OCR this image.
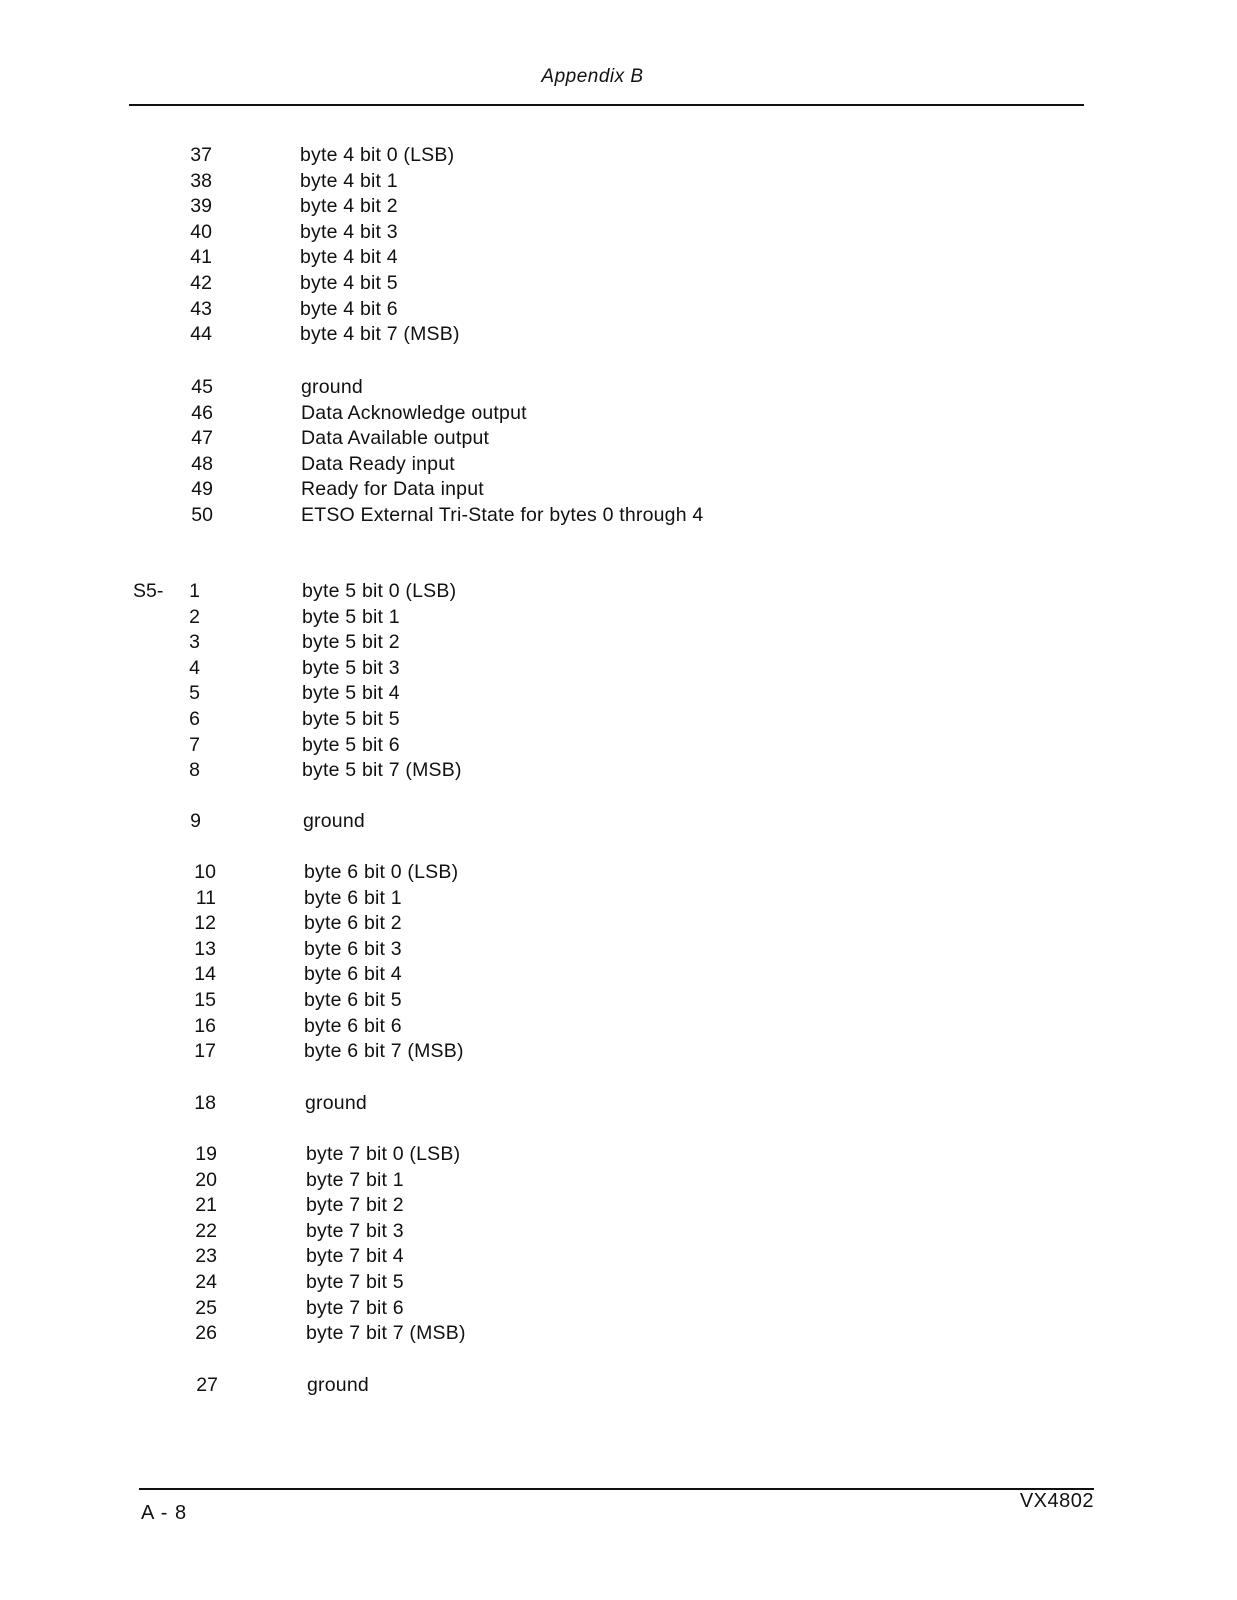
Appendix B
37	byte 4 bit 0 (LSB)
38	byte 4 bit 1
39	byte 4 bit 2
40	byte 4 bit 3
41	byte 4 bit 4
42	byte 4 bit 5
43	byte 4 bit 6
44	byte 4 bit 7 (MSB)
45	ground
46	Data Acknowledge output
47	Data Available output
48	Data Ready input
49	Ready for Data input
50	ETSO External Tri-State for bytes 0 through 4
S5- 1	byte 5 bit 0 (LSB)
2	byte 5 bit 1
3	byte 5 bit 2
4	byte 5 bit 3
5	byte 5 bit 4
6	byte 5 bit 5
7	byte 5 bit 6
8	byte 5 bit 7 (MSB)
9	ground
10	byte 6 bit 0 (LSB)
11	byte 6 bit 1
12	byte 6 bit 2
13	byte 6 bit 3
14	byte 6 bit 4
15	byte 6 bit 5
16	byte 6 bit 6
17	byte 6 bit 7 (MSB)
18	ground
19	byte 7 bit 0 (LSB)
20	byte 7 bit 1
21	byte 7 bit 2
22	byte 7 bit 3
23	byte 7 bit 4
24	byte 7 bit 5
25	byte 7 bit 6
26	byte 7 bit 7 (MSB)
27	ground
A - 8
VX4802
